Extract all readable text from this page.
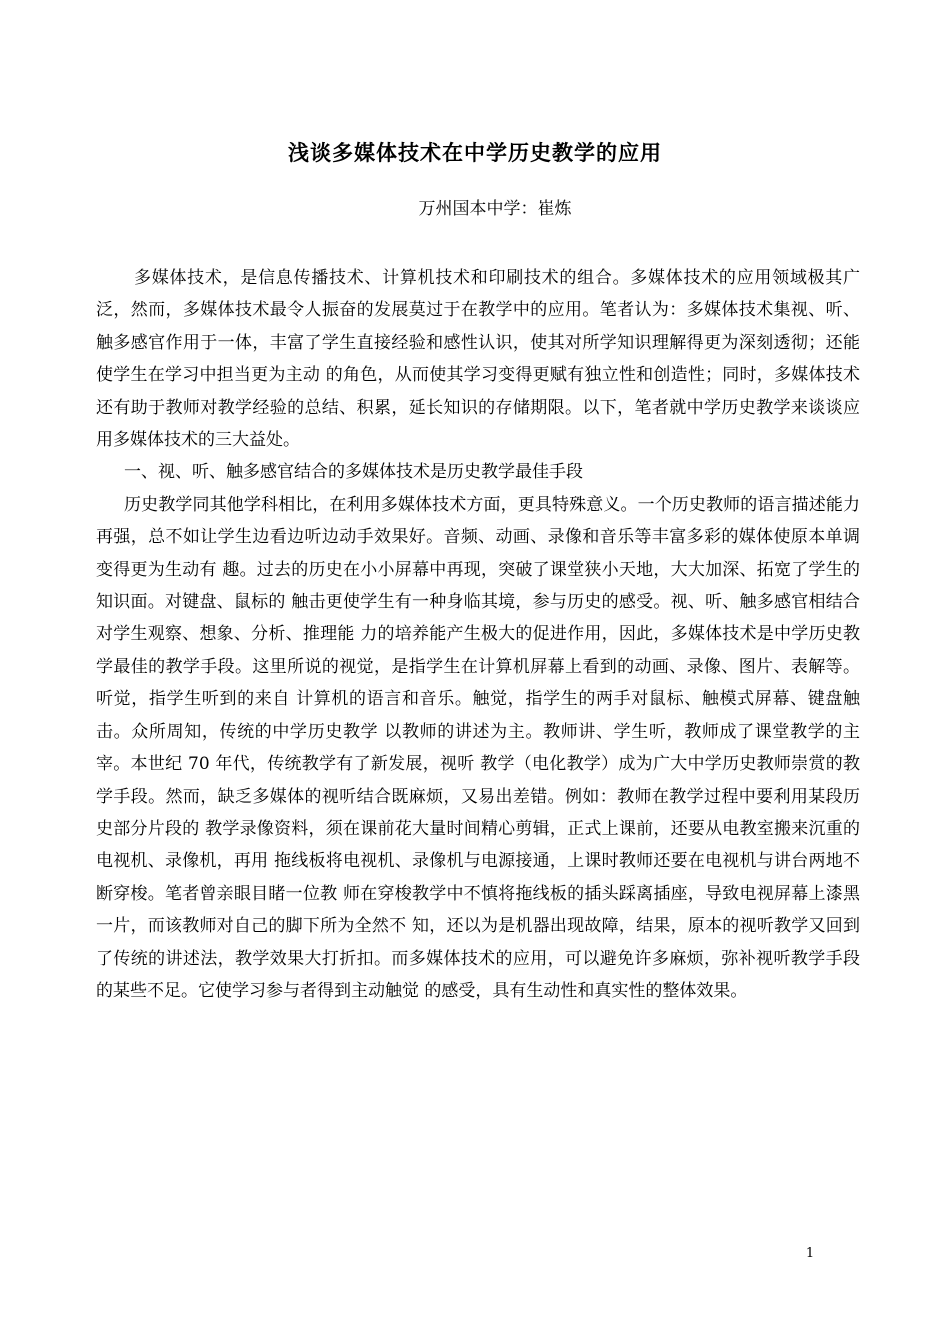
浅谈多媒体技术在中学历史教学的应用
万州国本中学：崔炼

多媒体技术，是信息传播技术、计算机技术和印刷技术的组合。多媒体技术的应用领域极其广泛，然而，多媒体技术最令人振奋的发展莫过于在教学中的应用。笔者认为：多媒体技术集视、听、触多感官作用于一体，丰富了学生直接经验和感性认识，使其对所学知识理解得更为深刻透彻；还能使学生在学习中担当更为主动 的角色，从而使其学习变得更赋有独立性和创造性；同时，多媒体技术还有助于教师对教学经验的总结、积累，延长知识的存储期限。以下，笔者就中学历史教学来谈谈应用多媒体技术的三大益处。

一、视、听、触多感官结合的多媒体技术是历史教学最佳手段

历史教学同其他学科相比，在利用多媒体技术方面，更具特殊意义。一个历史教师的语言描述能力再强，总不如让学生边看边听边动手效果好。音频、动画、录像和音乐等丰富多彩的媒体使原本单调变得更为生动有 趣。过去的历史在小小屏幕中再现，突破了课堂狭小天地，大大加深、拓宽了学生的知识面。对键盘、鼠标的 触击更使学生有一种身临其境，参与历史的感受。视、听、触多感官相结合对学生观察、想象、分析、推理能 力的培养能产生极大的促进作用，因此，多媒体技术是中学历史教学最佳的教学手段。这里所说的视觉，是指学生在计算机屏幕上看到的动画、录像、图片、表解等。听觉，指学生听到的来自 计算机的语言和音乐。触觉，指学生的两手对鼠标、触模式屏幕、键盘触击。众所周知，传统的中学历史教学 以教师的讲述为主。教师讲、学生听，教师成了课堂教学的主宰。本世纪 70 年代，传统教学有了新发展，视听 教学（电化教学）成为广大中学历史教师崇赏的教学手段。然而，缺乏多媒体的视听结合既麻烦，又易出差错。例如：教师在教学过程中要利用某段历史部分片段的 教学录像资料，须在课前花大量时间精心剪辑，正式上课前，还要从电教室搬来沉重的电视机、录像机，再用 拖线板将电视机、录像机与电源接通，上课时教师还要在电视机与讲台两地不断穿梭。笔者曾亲眼目睹一位教 师在穿梭教学中不慎将拖线板的插头踩离插座，导致电视屏幕上漆黑一片，而该教师对自己的脚下所为全然不 知，还以为是机器出现故障，结果，原本的视听教学又回到了传统的讲述法，教学效果大打折扣。而多媒体技术的应用，可以避免许多麻烦，弥补视听教学手段的某些不足。它使学习参与者得到主动触觉 的感受，具有生动性和真实性的整体效果。

1
